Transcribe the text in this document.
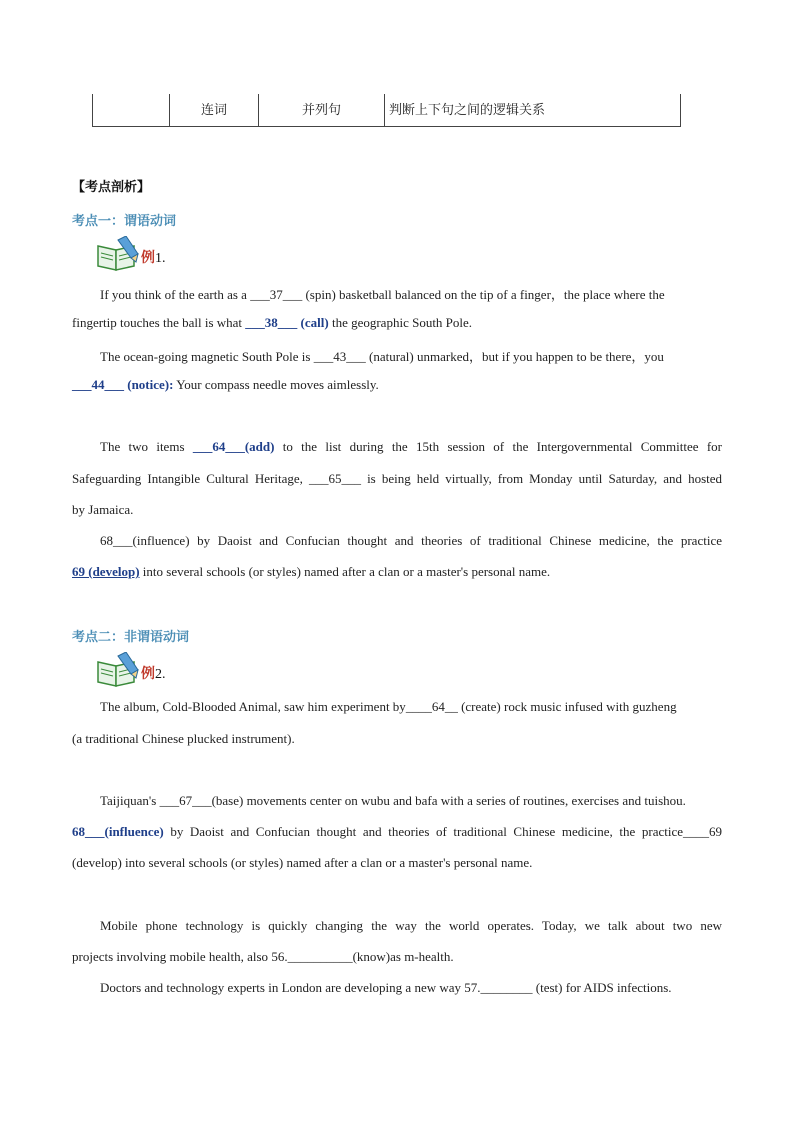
连词	并列句	判断上下句之间的逻辑关系
【考点剖析】
考点一：谓语动词
例1.
If you think of the earth as a ___37___ (spin) basketball balanced on the tip of a finger，the place where the
fingertip touches the ball is what ___38___ (call) the geographic South Pole.
The ocean-going magnetic South Pole is ___43___ (natural) unmarked，but if you happen to be there，you
___44___ (notice): Your compass needle moves aimlessly.
The two items ___64___(add) to the list during the 15th session of the Intergovernmental Committee for
Safeguarding Intangible Cultural Heritage, ___65___ is being held virtually, from Monday until Saturday, and hosted
by Jamaica.
68___(influence) by Daoist and Confucian thought and theories of traditional Chinese medicine, the practice
69 (develop) into several schools (or styles) named after a clan or a master's personal name.
考点二：非谓语动词
例2.
The album, Cold-Blooded Animal, saw him experiment by____64__ (create) rock music infused with guzheng
(a traditional Chinese plucked instrument).
Taijiquan's ___67___(base) movements center on wubu and bafa with a series of routines, exercises and tuishou.
68___(influence) by Daoist and Confucian thought and theories of traditional Chinese medicine, the practice____69
(develop) into several schools (or styles) named after a clan or a master's personal name.
Mobile phone technology is quickly changing the way the world operates. Today, we talk about two new
projects involving mobile health, also 56.__________(know)as m-health.
Doctors and technology experts in London are developing a new way 57.________ (test) for AIDS infections.
